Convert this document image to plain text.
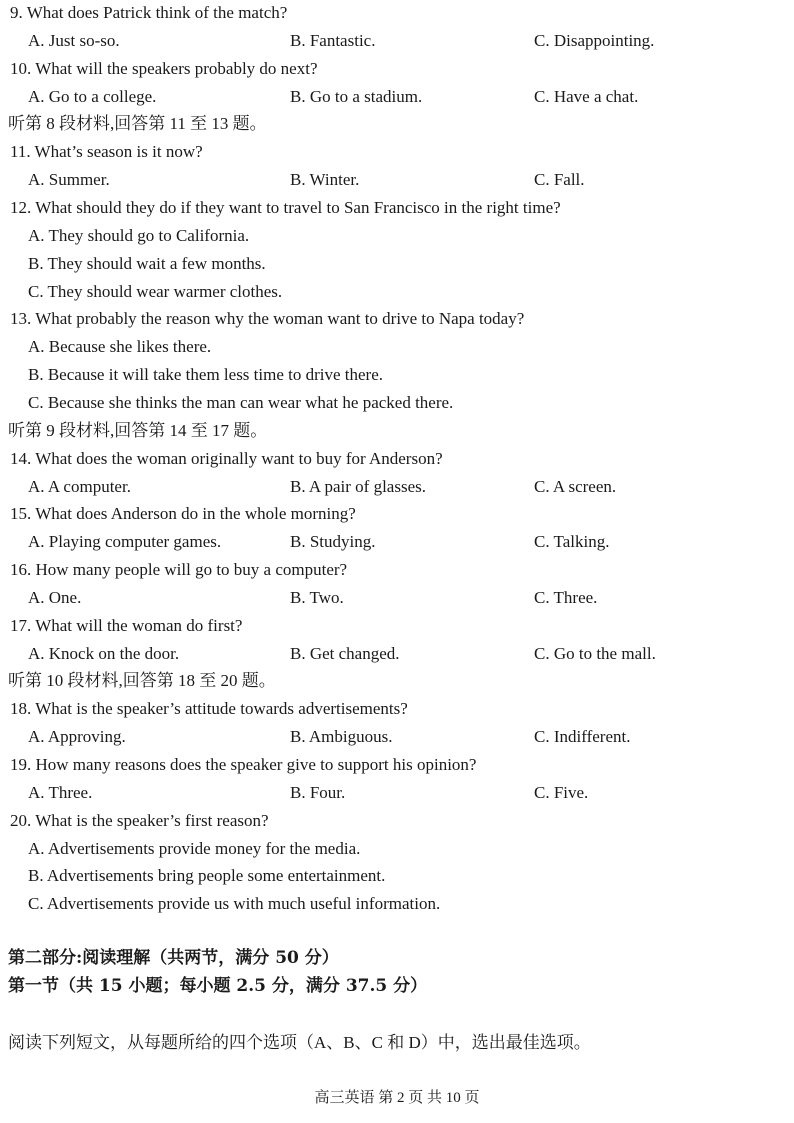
9. What does Patrick think of the match?
A. Just so-so.	B. Fantastic.	C. Disappointing.
10. What will the speakers probably do next?
A. Go to a college.	B. Go to a stadium.	C. Have a chat.
听第 8 段材料,回答第 11 至 13 题。
11. What’s season is it now?
A. Summer.	B. Winter.	C. Fall.
12. What should they do if they want to travel to San Francisco in the right time?
A. They should go to California.
B. They should wait a few months.
C. They should wear warmer clothes.
13. What probably the reason why the woman want to drive to Napa today?
A. Because she likes there.
B. Because it will take them less time to drive there.
C. Because she thinks the man can wear what he packed there.
听第 9 段材料,回答第 14 至 17 题。
14. What does the woman originally want to buy for Anderson?
A. A computer.	B. A pair of glasses.	C. A screen.
15. What does Anderson do in the whole morning?
A. Playing computer games.	B. Studying.	C. Talking.
16. How many people will go to buy a computer?
A. One.	B. Two.	C. Three.
17. What will the woman do first?
A. Knock on the door.	B. Get changed.	C. Go to the mall.
听第 10 段材料,回答第 18 至 20 题。
18. What is the speaker’s attitude towards advertisements?
A. Approving.	B. Ambiguous.	C. Indifferent.
19. How many reasons does the speaker give to support his opinion?
A. Three.	B. Four.	C. Five.
20. What is the speaker’s first reason?
A. Advertisements provide money for the media.
B. Advertisements bring people some entertainment.
C. Advertisements provide us with much useful information.
第二部分:阅读理解（共两节，满分 50 分）
第一节（共 15 小题；每小题 2.5 分，满分 37.5 分）
阅读下列短文，从每题所给的四个选项（A、B、C 和 D）中，选出最佳选项。
高三英语 第 2 页 共 10 页
